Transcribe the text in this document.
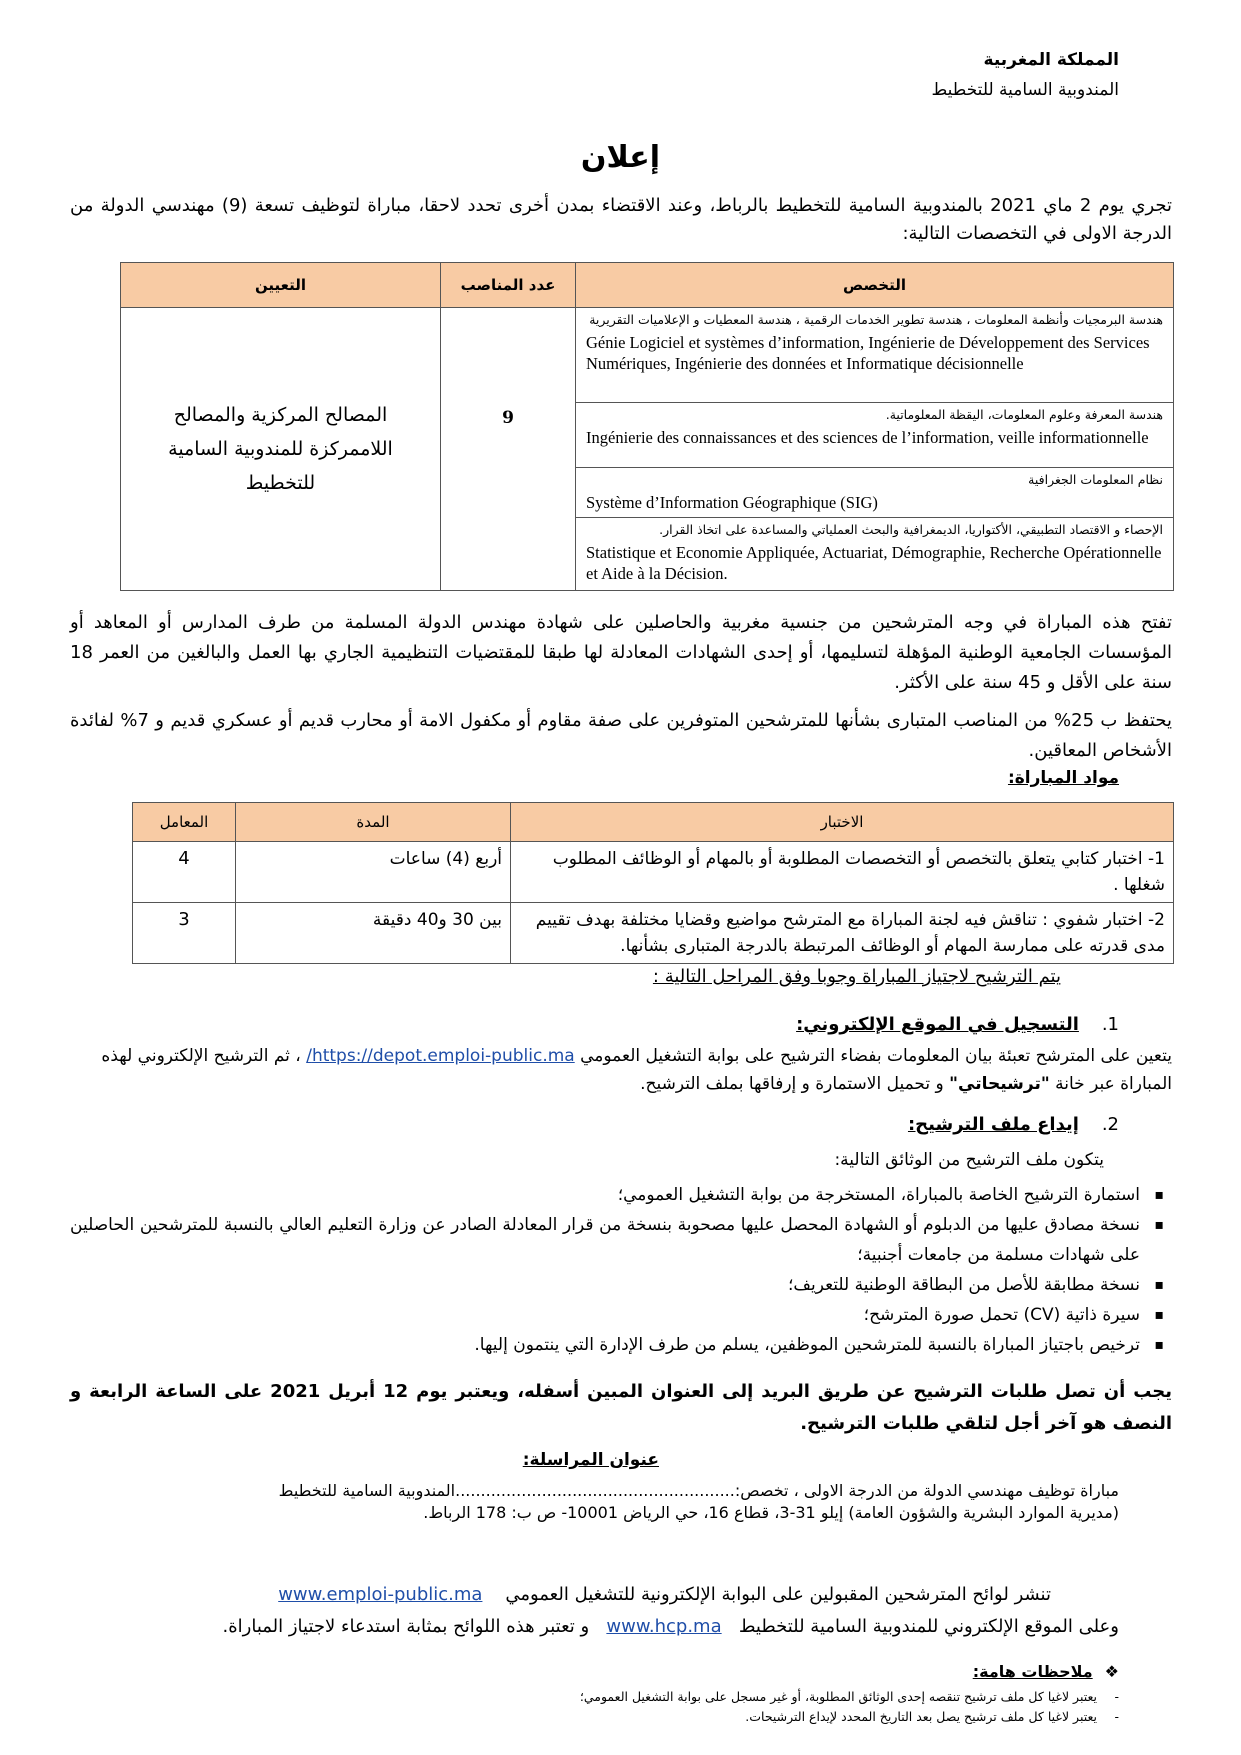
المملكة المغربية
المندوبية السامية للتخطيط
إعلان
تجري يوم 2 ماي 2021 بالمندوبية السامية للتخطيط بالرباط، وعند الاقتضاء بمدن أخرى تحدد لاحقا، مباراة لتوظيف تسعة (9) مهندسي الدولة من الدرجة الاولى في التخصصات التالية:
التخصص	عدد المناصب	التعيين

هندسة البرمجيات وأنظمة المعلومات ، هندسة تطوير الخدمات الرقمية ، هندسة المعطيات و الإعلاميات التقريرية
Génie Logiciel et systèmes d’information, Ingénierie de Développement des Services Numériques, Ingénierie des données et Informatique décisionnelle	9	المصالح المركزية والمصالح اللاممركزة للمندوبية السامية للتخطيط

هندسة المعرفة وعلوم المعلومات، اليقظة المعلوماتية.
Ingénierie des connaissances et des sciences de l’information, veille informationnelle		

نظام المعلومات الجغرافية
Système d’Information Géographique (SIG)		

الإحصاء و الاقتصاد التطبيقي، الأكتواريا، الديمغرافية والبحث العملياتي والمساعدة على اتخاذ القرار.
Statistique et Economie Appliquée, Actuariat, Démographie, Recherche Opérationnelle et Aide à la Décision.		
تفتح هذه المباراة في وجه المترشحين من جنسية مغربية والحاصلين على شهادة مهندس الدولة المسلمة من طرف المدارس أو المعاهد أو المؤسسات الجامعية الوطنية المؤهلة لتسليمها، أو إحدى الشهادات المعادلة لها طبقا للمقتضيات التنظيمية الجاري بها العمل والبالغين من العمر 18 سنة على الأقل و 45 سنة على الأكثر.
يحتفظ ب 25% من المناصب المتبارى بشأنها للمترشحين المتوفرين على صفة مقاوم أو مكفول الامة أو محارب قديم أو عسكري قديم و 7% لفائدة الأشخاص المعاقين.
مواد المباراة:
الاختبار	المدة	المعامل
1- اختبار كتابي يتعلق بالتخصص أو التخصصات المطلوبة أو بالمهام أو الوظائف المطلوب شغلها .	أربع (4) ساعات	4
2- اختبار شفوي : تناقش فيه لجنة المباراة مع المترشح مواضيع وقضايا مختلفة بهدف تقييم مدى قدرته على ممارسة المهام أو الوظائف المرتبطة بالدرجة المتبارى بشأنها.	بين 30 و40 دقيقة	3
يتم الترشيح لاجتياز المباراة وجوبا وفق المراحل التالية :
1.    التسجيل في الموقع الإلكتروني:
يتعين على المترشح تعبئة بيان المعلومات بفضاء الترشيح على بوابة التشغيل العمومي https://depot.emploi-public.ma/ ، ثم الترشيح الإلكتروني لهذه المباراة عبر خانة "ترشيحاتي" و تحميل الاستمارة و إرفاقها بملف الترشيح.
2.    إيداع ملف الترشيح:
يتكون ملف الترشيح من الوثائق التالية:
▪ استمارة الترشيح الخاصة بالمباراة، المستخرجة من بوابة التشغيل العمومي؛
▪ نسخة مصادق عليها من الدبلوم أو الشهادة المحصل عليها مصحوبة بنسخة من قرار المعادلة الصادر عن وزارة التعليم العالي بالنسبة للمترشحين الحاصلين على شهادات مسلمة من جامعات أجنبية؛
▪ نسخة مطابقة للأصل من البطاقة الوطنية للتعريف؛
▪ سيرة ذاتية (CV) تحمل صورة المترشح؛
▪ ترخيص باجتياز المباراة بالنسبة للمترشحين الموظفين، يسلم من طرف الإدارة التي ينتمون إليها.
يجب أن تصل طلبات الترشيح عن طريق البريد إلى العنوان المبين أسفله، ويعتبر يوم 12 أبريل 2021 على الساعة الرابعة و النصف هو آخر أجل لتلقي طلبات الترشيح.
عنوان المراسلة:
مباراة توظيف مهندسي الدولة من الدرجة الاولى ، تخصص:.......................................................المندوبية السامية للتخطيط
(مديرية الموارد البشرية والشؤون العامة) إيلو 31-3، قطاع 16، حي الرياض 10001- ص ب: 178 الرباط.
تنشر لوائح المترشحين المقبولين على البوابة الإلكترونية للتشغيل العمومي    www.emploi-public.ma
وعلى الموقع الإلكتروني للمندوبية السامية للتخطيط   www.hcp.ma   و تعتبر هذه اللوائح بمثابة استدعاء لاجتياز المباراة.
❖ملاحظات هامة:
-يعتبر لاغيا كل ملف ترشيح تنقصه إحدى الوثائق المطلوبة، أو غير مسجل على بوابة التشغيل العمومي؛
-يعتبر لاغيا كل ملف ترشيح يصل بعد التاريخ المحدد لإيداع الترشيحات.
